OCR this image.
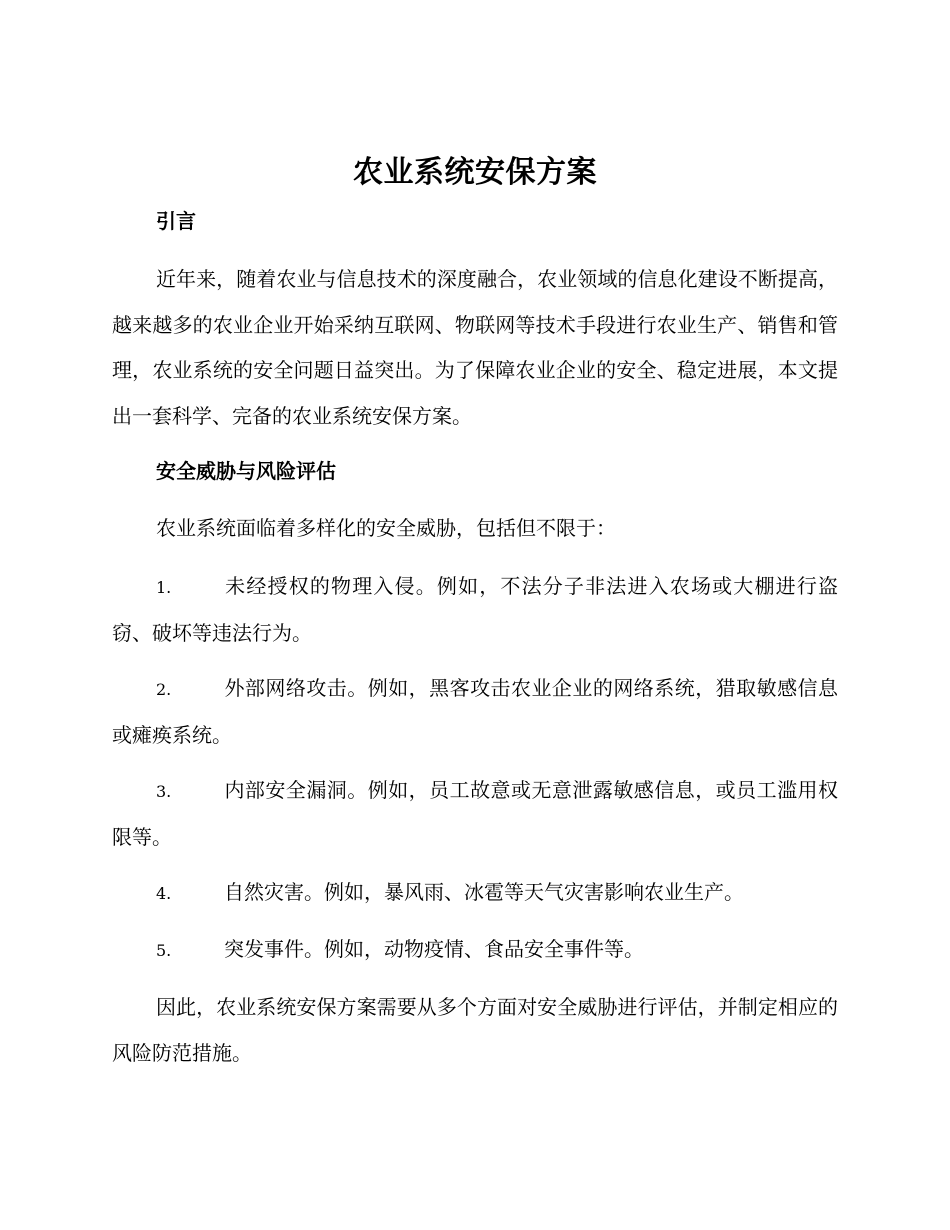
农业系统安保方案
引言

近年来，随着农业与信息技术的深度融合，农业领域的信息化建设不断提高，越来越多的农业企业开始采纳互联网、物联网等技术手段进行农业生产、销售和管理，农业系统的安全问题日益突出。为了保障农业企业的安全、稳定进展，本文提出一套科学、完备的农业系统安保方案。

安全威胁与风险评估

农业系统面临着多样化的安全威胁，包括但不限于：

1.	未经授权的物理入侵。例如，不法分子非法进入农场或大棚进行盗窃、破坏等违法行为。

2.	外部网络攻击。例如，黑客攻击农业企业的网络系统，猎取敏感信息或瘫痪系统。

3.	内部安全漏洞。例如，员工故意或无意泄露敏感信息，或员工滥用权限等。

4.	自然灾害。例如，暴风雨、冰雹等天气灾害影响农业生产。

5.	突发事件。例如，动物疫情、食品安全事件等。

因此，农业系统安保方案需要从多个方面对安全威胁进行评估，并制定相应的风险防范措施。
